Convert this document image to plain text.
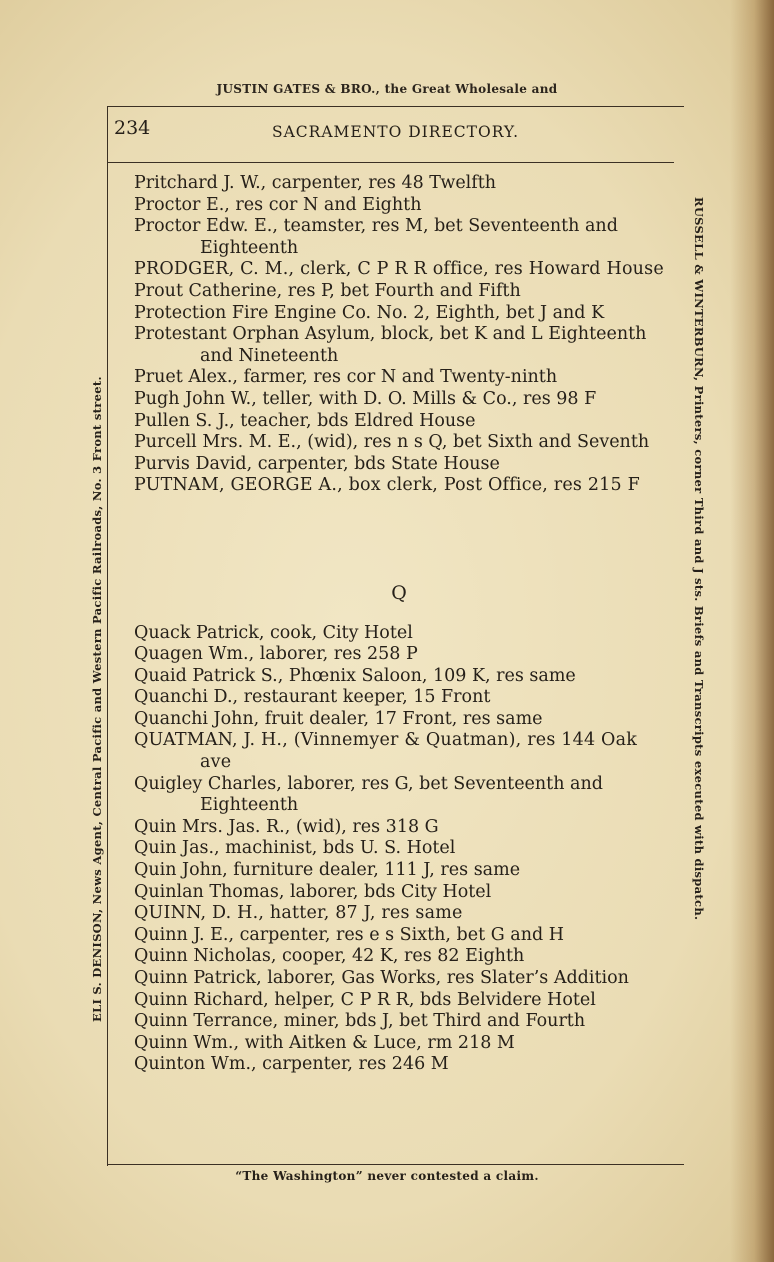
JUSTIN GATES & BRO., the Great Wholesale and
234	SACRAMENTO DIRECTORY.
ELI S. DENISON, News Agent, Central Pacific and Western Pacific Railroads, No. 3 Front street.	RUSSELL & WINTERBURN, Printers, corner Third and J sts. Briefs and Transcripts executed with dispatch.

Pritchard J. W., carpenter, res 48 Twelfth

Proctor E., res cor N and Eighth

Proctor Edw. E., teamster, res M, bet Seventeenth and Eighteenth

PRODGER, C. M., clerk, C P R R office, res Howard House

Prout Catherine, res P, bet Fourth and Fifth

Protection Fire Engine Co. No. 2, Eighth, bet J and K

Protestant Orphan Asylum, block, bet K and L Eighteenth and Nineteenth

Pruet Alex., farmer, res cor N and Twenty-ninth

Pugh John W., teller, with D. O. Mills & Co., res 98 F

Pullen S. J., teacher, bds Eldred House

Purcell Mrs. M. E., (wid), res n s Q, bet Sixth and Seventh

Purvis David, carpenter, bds State House

PUTNAM, GEORGE A., box clerk, Post Office, res 215 F

Q

Quack Patrick, cook, City Hotel

Quagen Wm., laborer, res 258 P

Quaid Patrick S., Phœnix Saloon, 109 K, res same

Quanchi D., restaurant keeper, 15 Front

Quanchi John, fruit dealer, 17 Front, res same

QUATMAN, J. H., (Vinnemyer & Quatman), res 144 Oak ave

Quigley Charles, laborer, res G, bet Seventeenth and Eighteenth

Quin Mrs. Jas. R., (wid), res 318 G

Quin Jas., machinist, bds U. S. Hotel

Quin John, furniture dealer, 111 J, res same

Quinlan Thomas, laborer, bds City Hotel

QUINN, D. H., hatter, 87 J, res same

Quinn J. E., carpenter, res e s Sixth, bet G and H

Quinn Nicholas, cooper, 42 K, res 82 Eighth

Quinn Patrick, laborer, Gas Works, res Slater’s Addition

Quinn Richard, helper, C P R R, bds Belvidere Hotel

Quinn Terrance, miner, bds J, bet Third and Fourth

Quinn Wm., with Aitken & Luce, rm 218 M

Quinton Wm., carpenter, res 246 M

“The Washington” never contested a claim.
